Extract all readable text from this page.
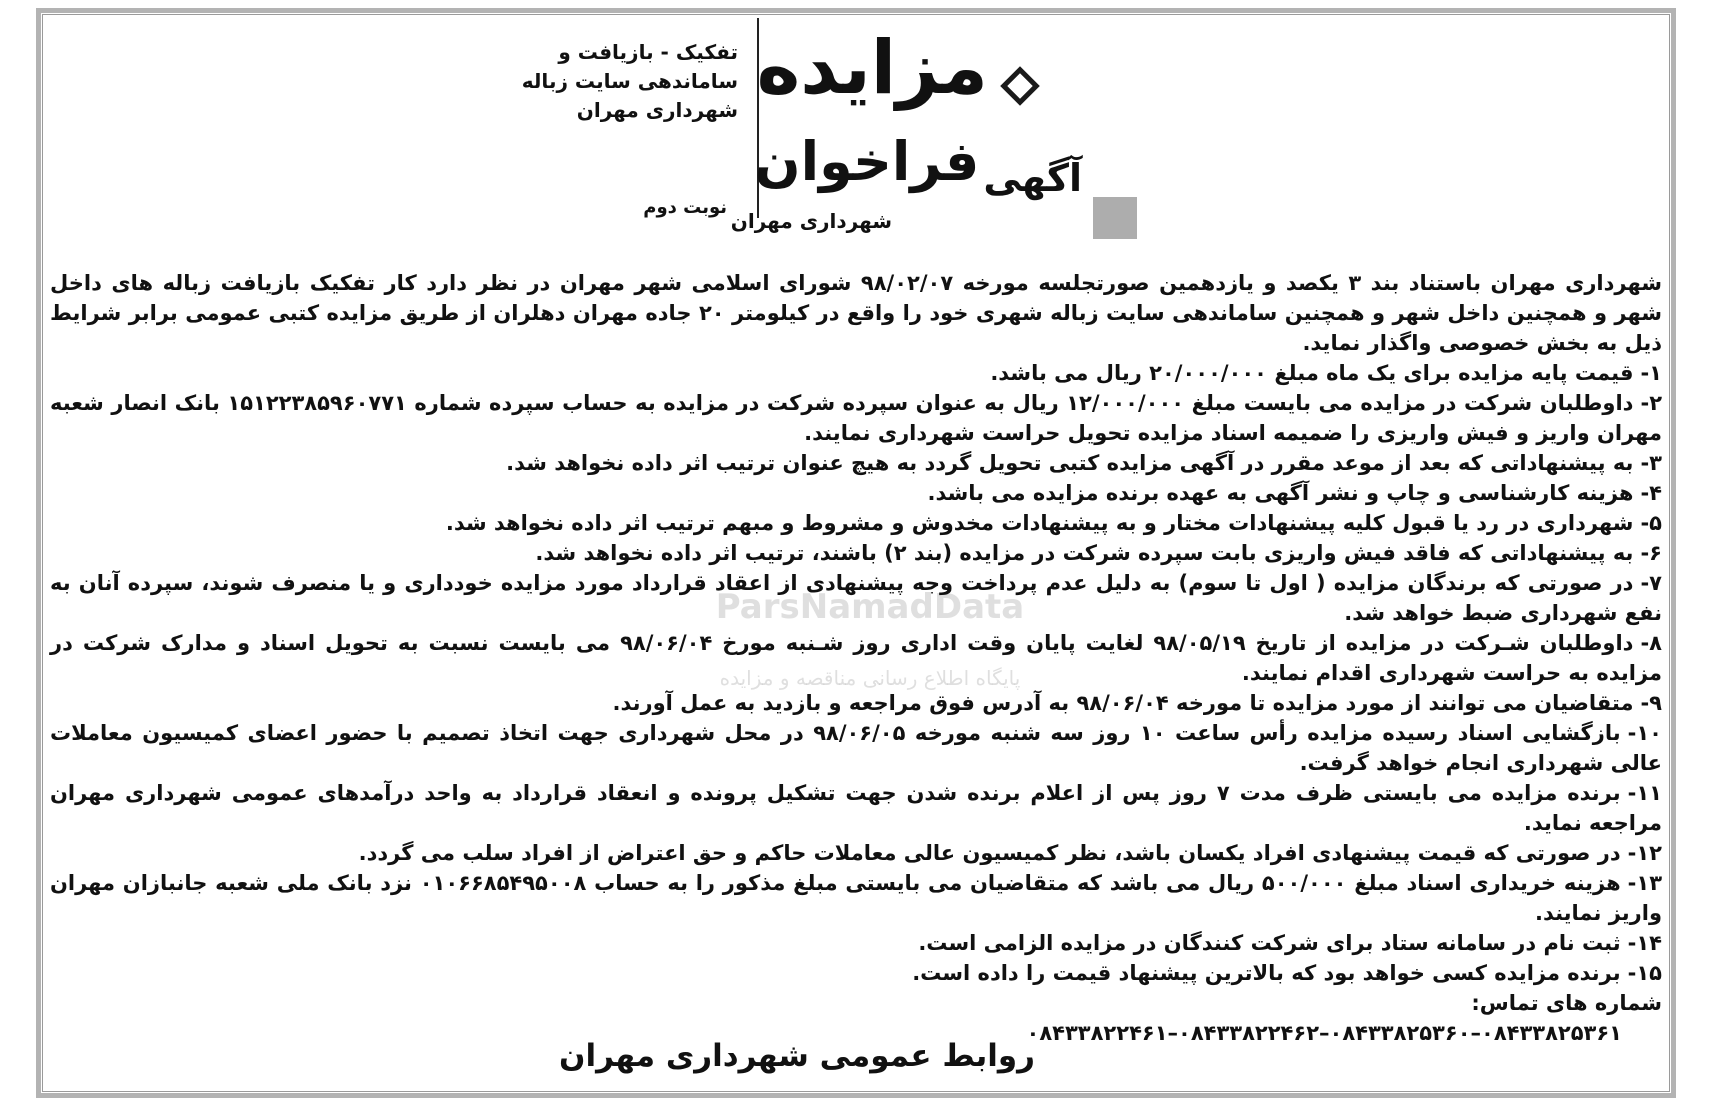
تفکیک - بازیافت و
ساماندهی سایت زباله
شهرداری مهران مزایده
آگهی
فراخوان
شهرداری مهران
نوبت دوم
ParsNamadData
پایگاه اطلاع رسانی مناقصه و مزایده

شهرداری مهران باستناد بند ۳ یکصد و یازدهمین صورتجلسه مورخه ۹۸/۰۲/۰۷ شورای اسلامی شهر مهران در نظر دارد کار تفکیک بازیافت زباله های داخل شهر و همچنین داخل شهر و همچنین ساماندهی سایت زباله شهری خود را واقع در کیلومتر ۲۰ جاده مهران دهلران از طریق مزایده کتبی عمومی برابر شرایط ذیل به بخش خصوصی واگذار نماید.

۱-قیمت پایه مزایده برای یک ماه مبلغ ۲۰/۰۰۰/۰۰۰ ریال می باشد.

۲-داوطلبان شرکت در مزایده می بایست مبلغ ۱۲/۰۰۰/۰۰۰ ریال به عنوان سپرده شرکت در مزایده به حساب سپرده شماره ۱۵۱۲۲۳۸۵۹۶۰۷۷۱ بانک انصار شعبه مهران واریز و فیش واریزی را ضمیمه اسناد مزایده تحویل حراست شهرداری نمایند.

۳-به پیشنهاداتی که بعد از موعد مقرر در آگهی مزایده کتبی تحویل گردد به هیچ عنوان ترتیب اثر داده نخواهد شد.

۴-هزینه کارشناسی و چاپ و نشر آگهی به عهده برنده مزایده می باشد.

۵-شهرداری در رد یا قبول کلیه پیشنهادات مختار و به پیشنهادات مخدوش و مشروط و مبهم ترتیب اثر داده نخواهد شد.

۶-به پیشنهاداتی که فاقد فیش واریزی بابت سپرده شرکت در مزایده (بند ۲) باشند، ترتیب اثر داده نخواهد شد.

۷-در صورتی که برندگان مزایده ( اول تا سوم) به دلیل عدم پرداخت وجه پیشنهادی از اعقاد قرارداد مورد مزایده خودداری و یا منصرف شوند، سپرده آنان به نفع شهرداری ضبط خواهد شد.

۸-داوطلبان شـرکت در مزایده از تاریخ ۹۸/۰۵/۱۹ لغایت پایان وقت اداری روز شـنبه مورخ ۹۸/۰۶/۰۴ می بایست نسبت به تحویل اسناد و مدارک شرکت در مزایده به حراست شهرداری اقدام نمایند.

۹-متقاضیان می توانند از مورد مزایده تا مورخه ۹۸/۰۶/۰۴ به آدرس فوق مراجعه و بازدید به عمل آورند.

۱۰-بازگشایی اسناد رسیده مزایده رأس ساعت ۱۰ روز سه شنبه مورخه ۹۸/۰۶/۰۵ در محل شهرداری جهت اتخاذ تصمیم با حضور اعضای کمیسیون معاملات عالی شهرداری انجام خواهد گرفت.

۱۱-برنده مزایده می بایستی ظرف مدت ۷ روز پس از اعلام برنده شدن جهت تشکیل پرونده و انعقاد قرارداد به واحد درآمدهای عمومی شهرداری مهران مراجعه نماید.

۱۲-در صورتی که قیمت پیشنهادی افراد یکسان باشد، نظر کمیسیون عالی معاملات حاکم و حق اعتراض از افراد سلب می گردد.

۱۳-هزینه خریداری اسناد مبلغ ۵۰۰/۰۰۰ ریال می باشد که متقاضیان می بایستی مبلغ مذکور را به حساب ۰۱۰۶۶۸۵۴۹۵۰۰۸ نزد بانک ملی شعبه جانبازان مهران واریز نمایند.

۱۴-ثبت نام در سامانه ستاد برای شرکت کنندگان در مزایده الزامی است.

۱۵-برنده مزایده کسی خواهد بود که بالاترین پیشنهاد قیمت را داده است.

شماره های تماس:

۰۸۴۳۳۸۲۲۴۶۱–۰۸۴۳۳۸۲۲۴۶۲–۰۸۴۳۳۸۲۵۳۶۰–۰۸۴۳۳۸۲۵۳۶۱

روابط عمومی شهرداری مهران
